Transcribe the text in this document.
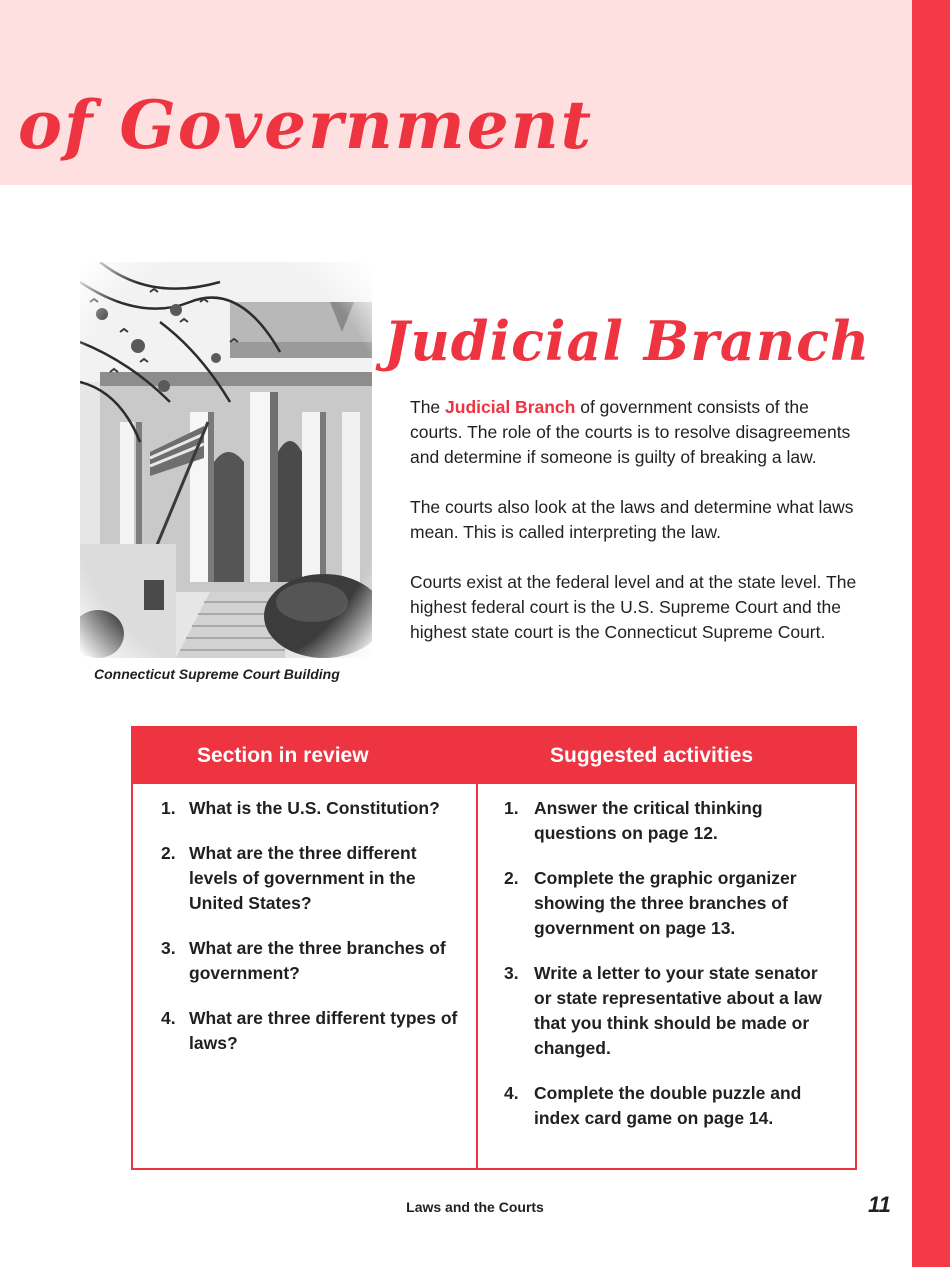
of Government

Connecticut Supreme Court Building

Judicial Branch

The Judicial Branch of government consists of the courts. The role of the courts is to resolve disagreements and determine if someone is guilty of breaking a law.

The courts also look at the laws and determine what laws mean. This is called interpreting the law.

Courts exist at the federal level and at the state level. The highest federal court is the U.S. Supreme Court and the highest state court is the Connecticut Supreme Court.

Section in review	Suggested activities
1. What is the U.S. Constitution?
2. What are the three different levels of government in the United States?
3. What are the three branches of government?
4. What are three different types of laws?
1. Answer the critical thinking questions on page 12.
2. Complete the graphic organizer showing the three branches of government on page 13.
3. Write a letter to your state senator or state representative about a law that you think should be made or changed.
4. Complete the double puzzle and index card game on page 14.

Laws and the Courts	11
